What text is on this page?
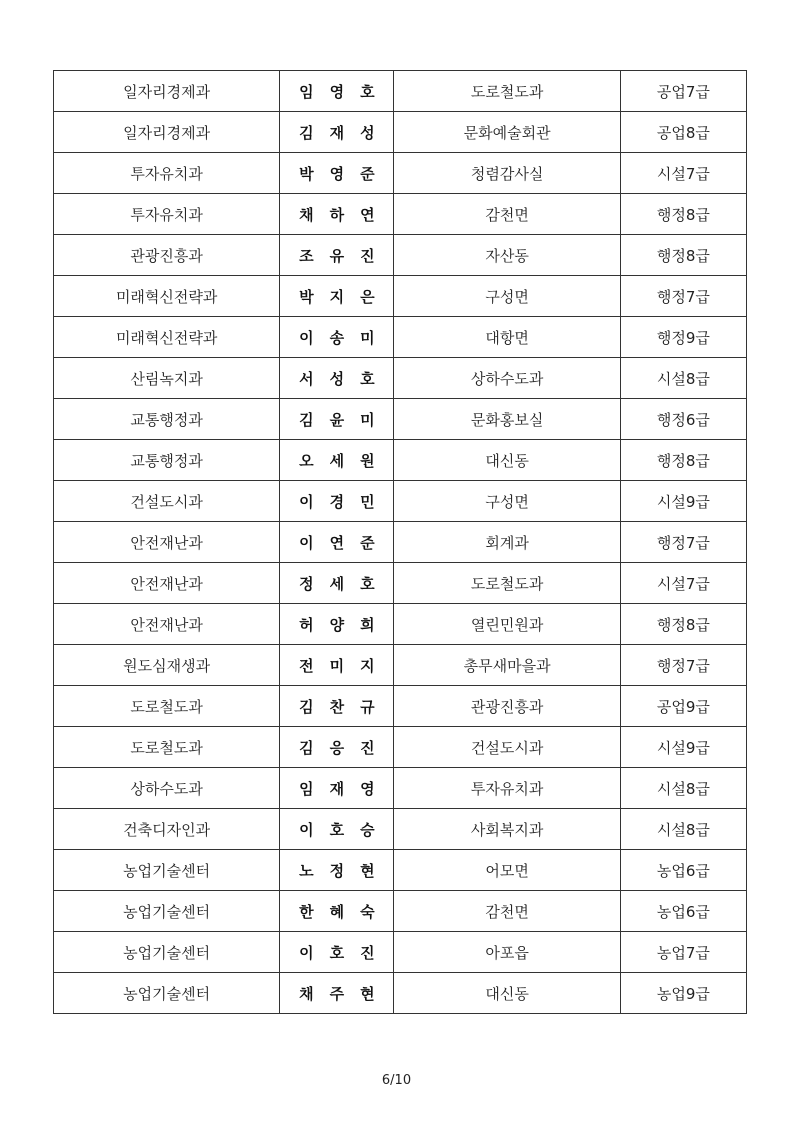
일자리경제과	임영호	도로철도과	공업7급
일자리경제과	김재성	문화예술회관	공업8급
투자유치과	박영준	청렴감사실	시설7급
투자유치과	채하연	감천면	행정8급
관광진흥과	조유진	자산동	행정8급
미래혁신전략과	박지은	구성면	행정7급
미래혁신전략과	이송미	대항면	행정9급
산림녹지과	서성호	상하수도과	시설8급
교통행정과	김윤미	문화홍보실	행정6급
교통행정과	오세원	대신동	행정8급
건설도시과	이경민	구성면	시설9급
안전재난과	이연준	회계과	행정7급
안전재난과	정세호	도로철도과	시설7급
안전재난과	허양희	열린민원과	행정8급
원도심재생과	전미지	총무새마을과	행정7급
도로철도과	김찬규	관광진흥과	공업9급
도로철도과	김응진	건설도시과	시설9급
상하수도과	임재영	투자유치과	시설8급
건축디자인과	이호승	사회복지과	시설8급
농업기술센터	노정현	어모면	농업6급
농업기술센터	한혜숙	감천면	농업6급
농업기술센터	이호진	아포읍	농업7급
농업기술센터	채주현	대신동	농업9급
6/10
